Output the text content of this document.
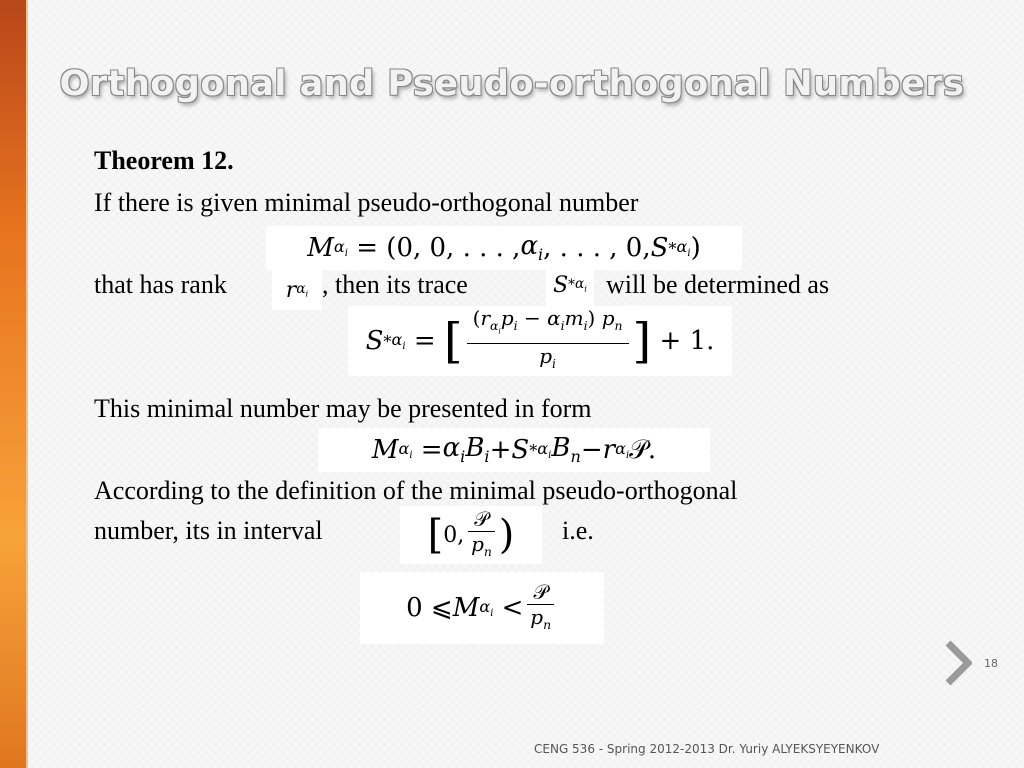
Orthogonal and Pseudo-orthogonal Numbers
Theorem 12.
If there is given minimal pseudo-orthogonal number
M $\alpha_i = (0$, 0, . . . , $\alpha_i$ , . . . , 0, S * $\alpha_i$ )
that has rank	r $\alpha_i$ , then its trace	S * $\alpha_i$ will be determined as
S * $\alpha_i$ = [ $\frac{(r_{\alpha_i}p_i - \alpha_im_i) p_n}{p_i}$ ] + 1.
This minimal number may be presented in form
M $\alpha_i = \alpha_iB_i + S * \alpha_i$ $B_n - r$ $\alpha_i$ 𝒫.
According to the definition of the minimal pseudo-orthogonal
number, its in interval	[ 0, $\frac{\text{𝒫}}{p_n}$ ) i.e.
0 ⩽ M $\alpha_i < \frac{\text{𝒫}}{p_n}$
18
CENG 536 - Spring 2012-2013 Dr. Yuriy ALYEKSYEYENKOV
